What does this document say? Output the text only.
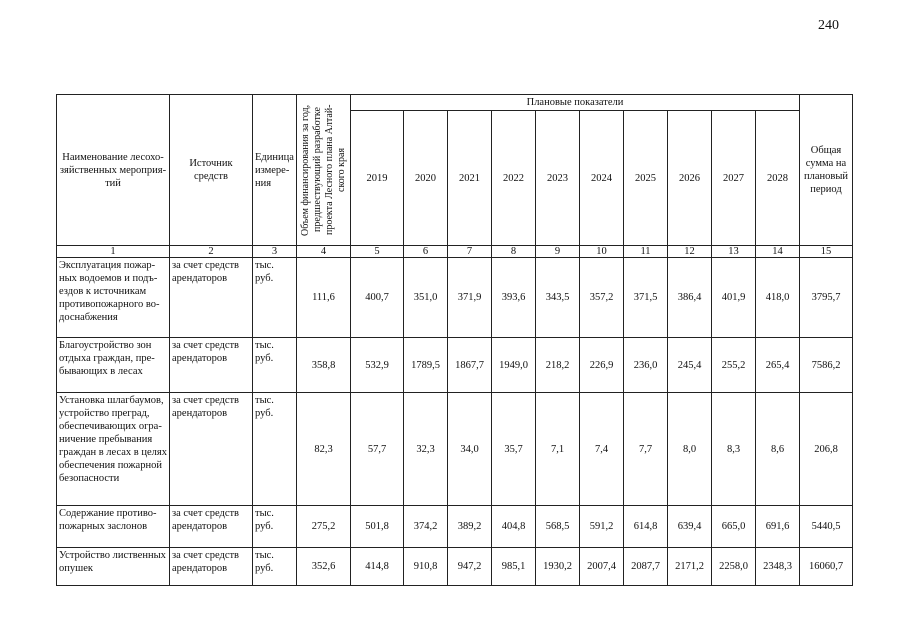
240
Наименование лесохо-зяйственных мероприя-тий	Источник средств	Единица измере-ния	Объем финансирования за год, предшествующий разработке проекта Лесного плана Алтай-ского края	Плановые показатели										Общая сумма на плановый период
				2019	2020	2021	2022	2023	2024	2025	2026	2027	2028	
1	2	3	4	5	6	7	8	9	10	11	12	13	14	15
Эксплуатация пожар-ных водоемов и подъ-ездов к источникам противопожарного во-доснабжения	за счет средств арендаторов	тыс. руб.	111,6	400,7	351,0	371,9	393,6	343,5	357,2	371,5	386,4	401,9	418,0	3795,7
Благоустройство зон отдыха граждан, пре-бывающих в лесах	за счет средств арендаторов	тыс. руб.	358,8	532,9	1789,5	1867,7	1949,0	218,2	226,9	236,0	245,4	255,2	265,4	7586,2
Установка шлагбаумов, устройство преград, обеспечивающих огра-ничение пребывания граждан в лесах в целях обеспечения пожарной безопасности	за счет средств арендаторов	тыс. руб.	82,3	57,7	32,3	34,0	35,7	7,1	7,4	7,7	8,0	8,3	8,6	206,8
Содержание противо-пожарных заслонов	за счет средств арендаторов	тыс. руб.	275,2	501,8	374,2	389,2	404,8	568,5	591,2	614,8	639,4	665,0	691,6	5440,5
Устройство лиственных опушек	за счет средств арендаторов	тыс. руб.	352,6	414,8	910,8	947,2	985,1	1930,2	2007,4	2087,7	2171,2	2258,0	2348,3	16060,7
